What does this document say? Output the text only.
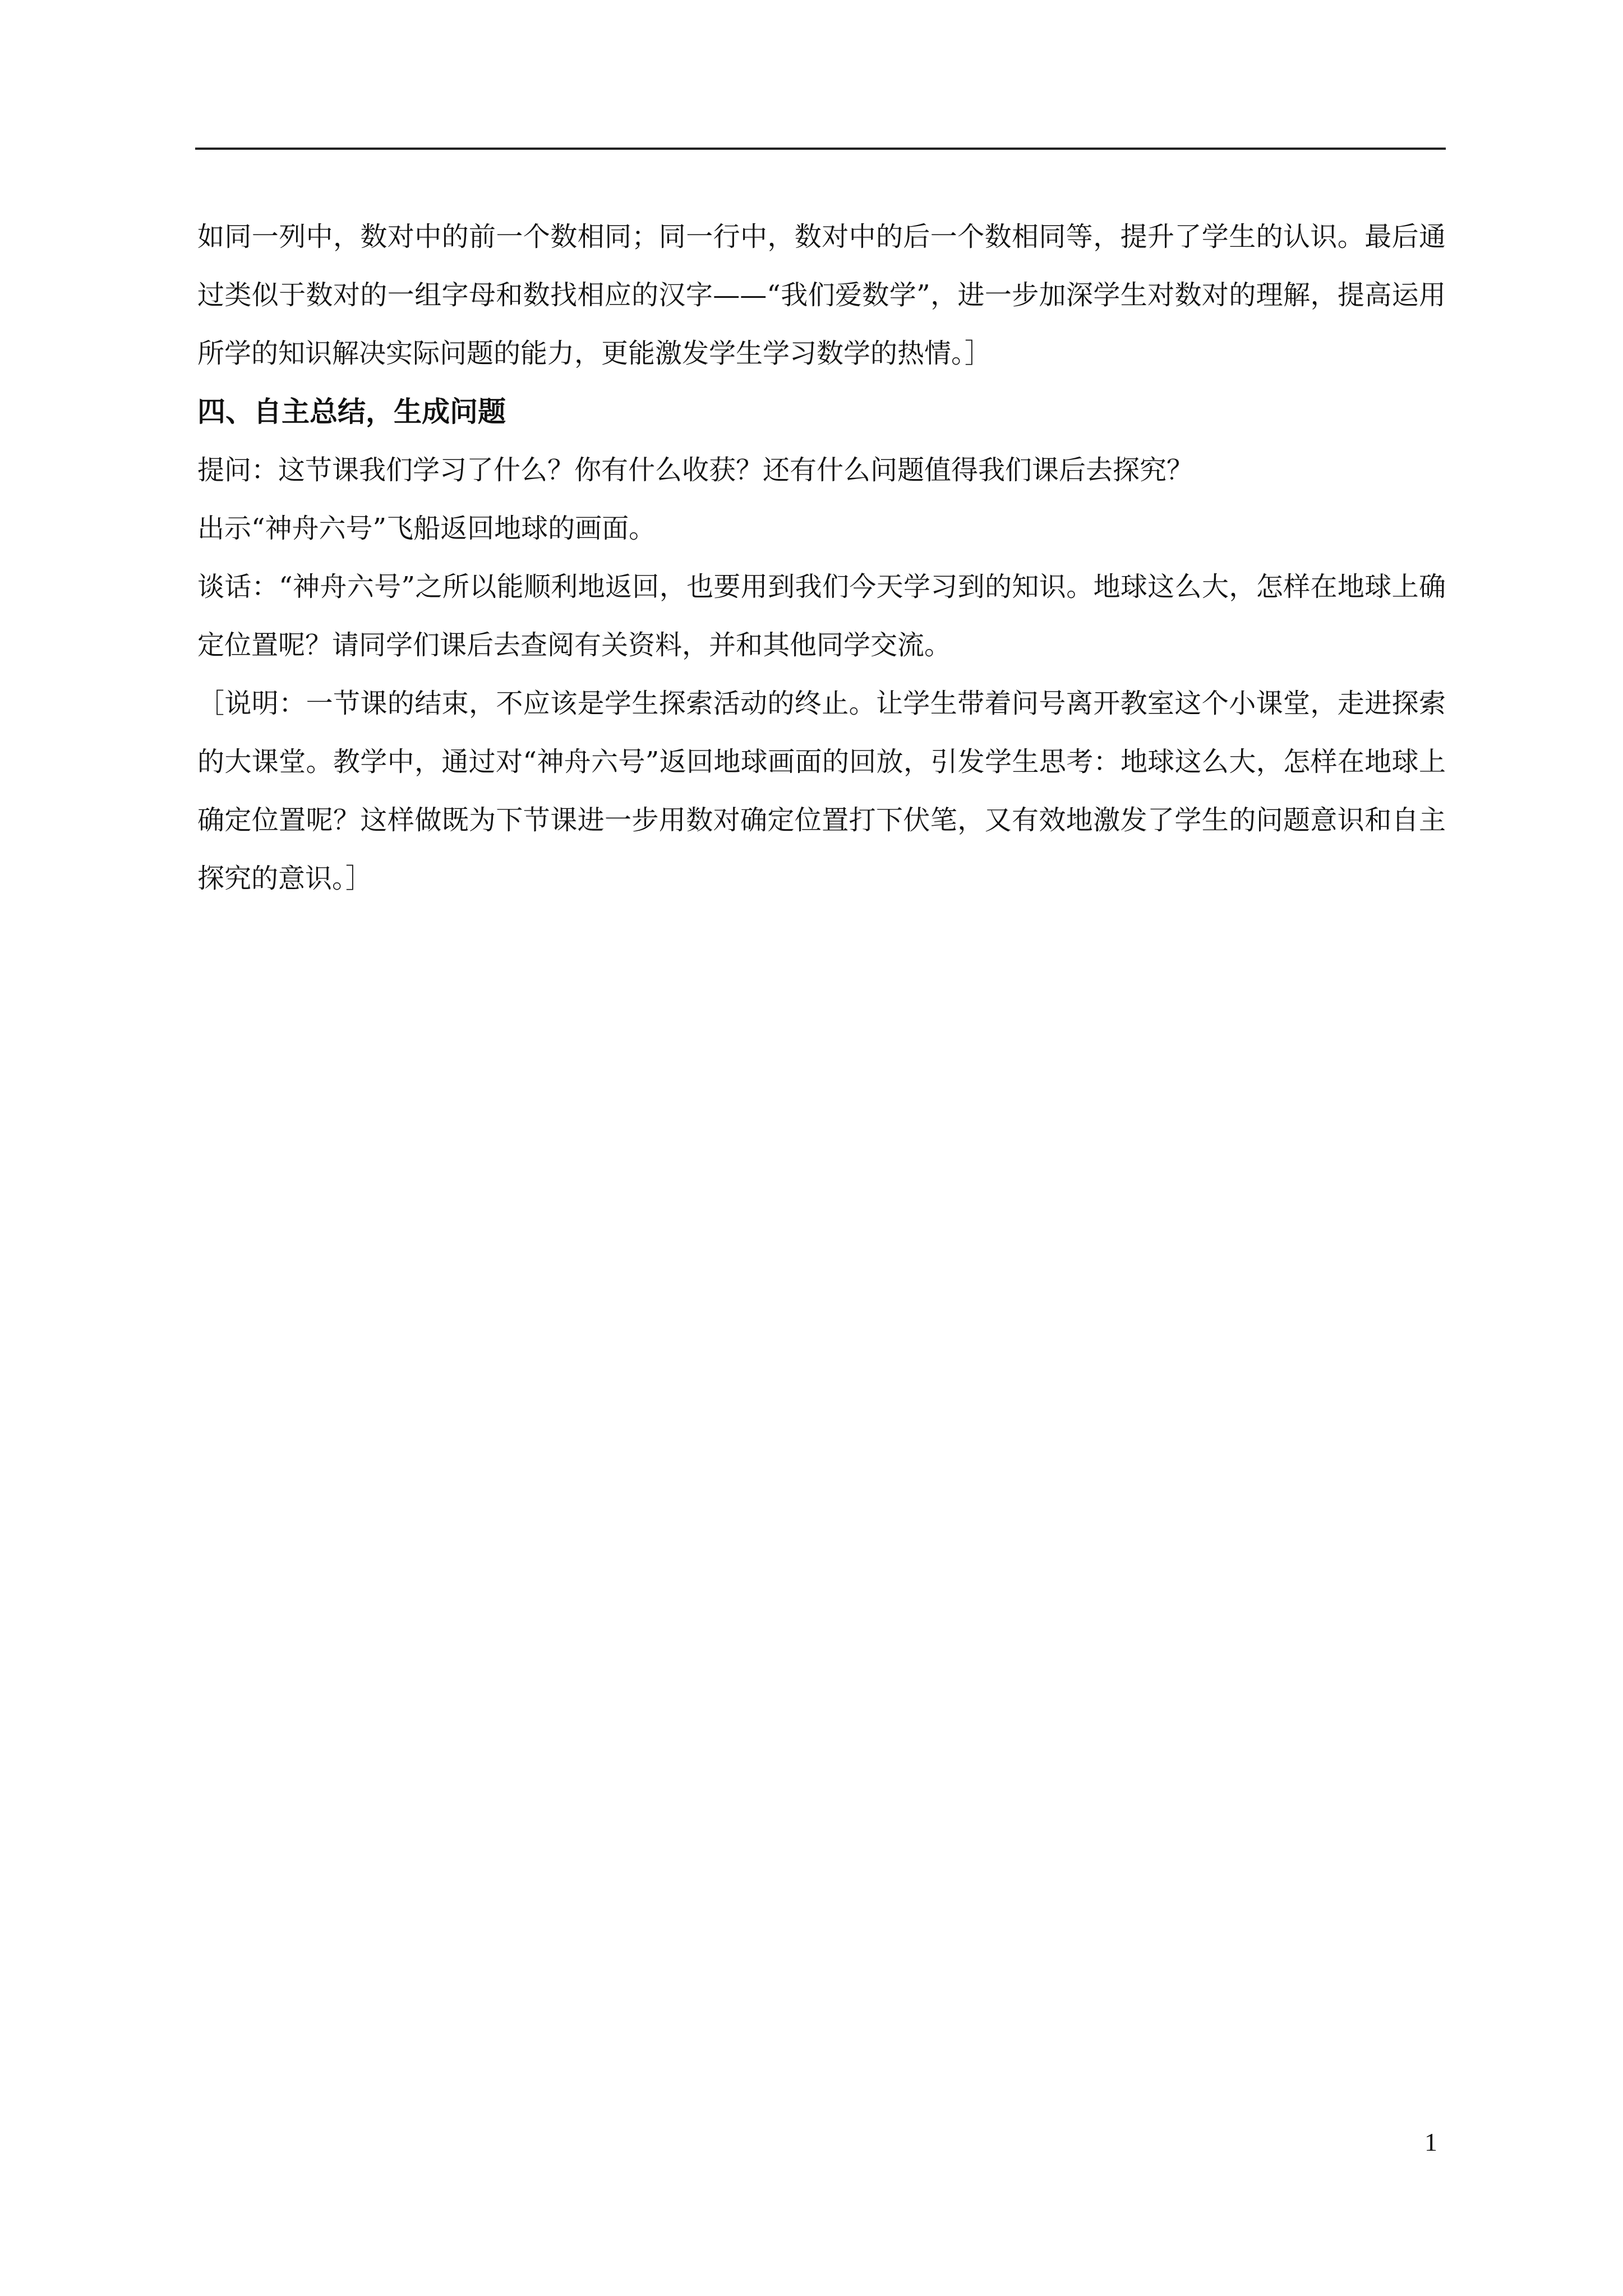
如同一列中，数对中的前一个数相同；同一行中，数对中的后一个数相同等，提升了学生的认识。最后通过类似于数对的一组字母和数找相应的汉字——“我们爱数学”，进一步加深学生对数对的理解，提高运用所学的知识解决实际问题的能力，更能激发学生学习数学的热情。］

四、自主总结，生成问题

提问：这节课我们学习了什么？你有什么收获？还有什么问题值得我们课后去探究？

出示“神舟六号”飞船返回地球的画面。

谈话：“神舟六号”之所以能顺利地返回，也要用到我们今天学习到的知识。地球这么大，怎样在地球上确定位置呢？请同学们课后去查阅有关资料，并和其他同学交流。

［说明：一节课的结束，不应该是学生探索活动的终止。让学生带着问号离开教室这个小课堂，走进探索的大课堂。教学中，通过对“神舟六号”返回地球画面的回放，引发学生思考：地球这么大，怎样在地球上确定位置呢？这样做既为下节课进一步用数对确定位置打下伏笔，又有效地激发了学生的问题意识和自主探究的意识。］

1
